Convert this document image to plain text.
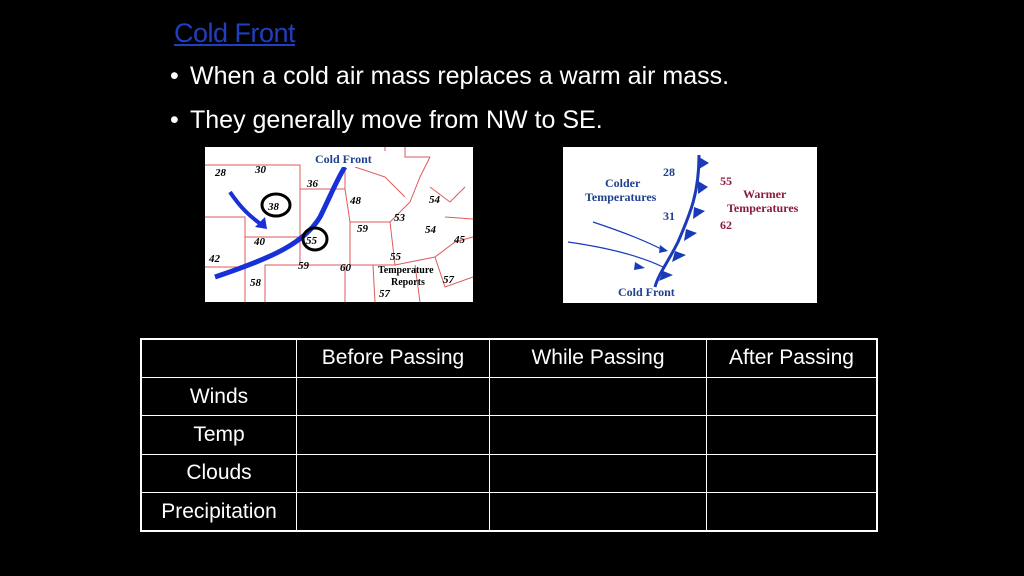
Cold Front
• When a cold air mass replaces a warm air mass.
• They generally move from NW to SE.
Cold Front
28	30
36
38	48	54
40	55
59
53
54
45
42
59	60
55
58	57
57
Temperature
Reports
Colder
Temperatures
28
31
55
62
Warmer
Temperatures
Cold Front
	Before Passing	While Passing	After Passing
Winds			
Temp			
Clouds			
Precipitation			
